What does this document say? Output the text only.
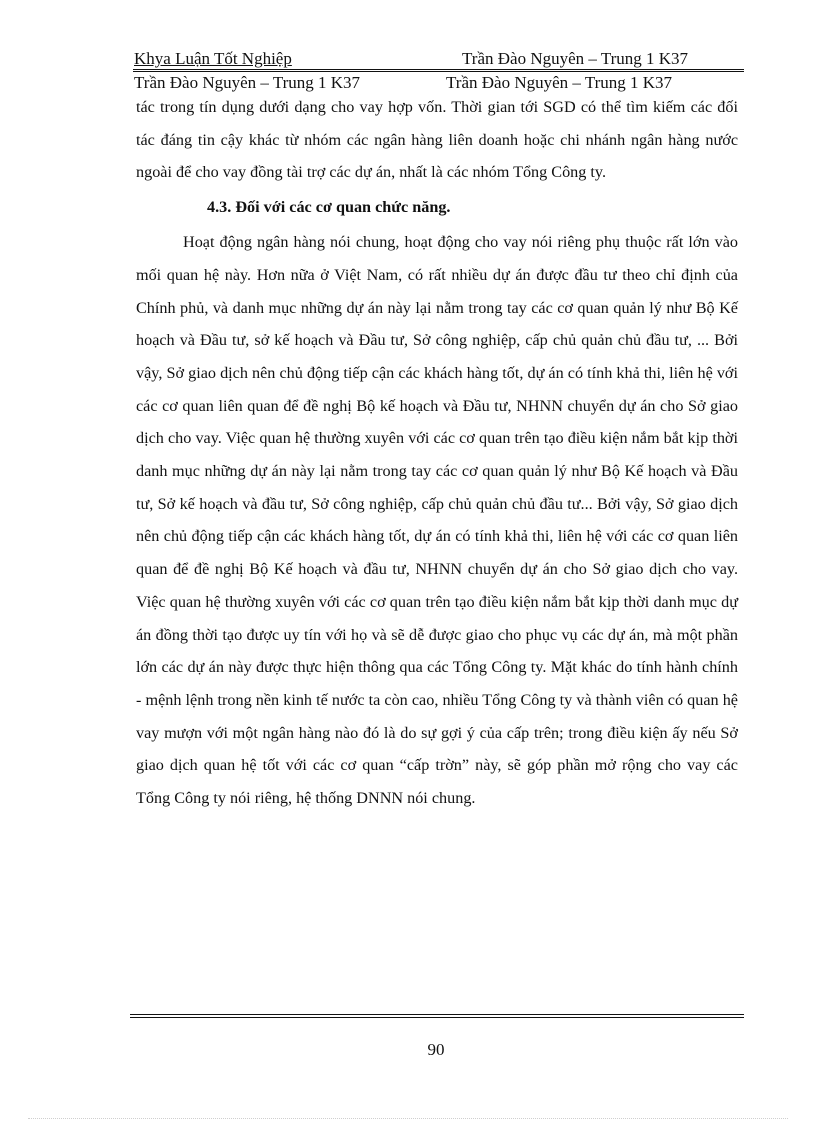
Khya Luận Tốt Nghiệp	Trần Đào Nguyên – Trung 1 K37
Trần Đào Nguyên – Trung 1 K37	Trần Đào Nguyên – Trung 1 K37

tác trong tín dụng dưới dạng cho vay hợp vốn. Thời gian tới SGD có thể tìm kiếm các đối tác đáng tin cậy khác từ nhóm các ngân hàng liên doanh hoặc chi nhánh ngân hàng nước ngoài để cho vay đồng tài trợ các dự án, nhất là các nhóm Tổng Công ty.

4.3. Đối với các cơ quan chức năng.

Hoạt động ngân hàng nói chung, hoạt động cho vay nói riêng phụ thuộc rất lớn vào mối quan hệ này. Hơn nữa ở Việt Nam, có rất nhiều dự án được đầu tư theo chỉ định của Chính phủ, và danh mục những dự án này lại nằm trong tay các cơ quan quản lý như Bộ Kế hoạch và Đầu tư, sở kế hoạch và Đầu tư, Sở công nghiệp, cấp chủ quản chủ đầu tư, ... Bởi vậy, Sở giao dịch nên chủ động tiếp cận các khách hàng tốt, dự án có tính khả thi, liên hệ với các cơ quan liên quan để đề nghị Bộ kế hoạch và Đầu tư, NHNN chuyển dự án cho Sở giao dịch cho vay. Việc quan hệ thường xuyên với các cơ quan trên tạo điều kiện nắm bắt kịp thời danh mục những dự án này lại nằm trong tay các cơ quan quản lý như Bộ Kế hoạch và Đầu tư, Sở kế hoạch và đầu tư, Sở công nghiệp, cấp chủ quản chủ đầu tư... Bởi vậy, Sở giao dịch nên chủ động tiếp cận các khách hàng tốt, dự án có tính khả thi, liên hệ với các cơ quan liên quan để đề nghị Bộ Kế hoạch và đầu tư, NHNN chuyển dự án cho Sở giao dịch cho vay. Việc quan hệ thường xuyên với các cơ quan trên tạo điều kiện nắm bắt kịp thời danh mục dự án đồng thời tạo được uy tín với họ và sẽ dễ được giao cho phục vụ các dự án, mà một phần lớn các dự án này được thực hiện thông qua các Tổng Công ty. Mặt khác do tính hành chính - mệnh lệnh trong nền kinh tế nước ta còn cao, nhiều Tổng Công ty và thành viên có quan hệ vay mượn với một ngân hàng nào đó là do sự gợi ý của cấp trên; trong điều kiện ấy nếu Sở giao dịch quan hệ tốt với các cơ quan “cấp trờn” này, sẽ góp phần mở rộng cho vay các Tổng Công ty nói riêng, hệ thống DNNN nói chung.

90
